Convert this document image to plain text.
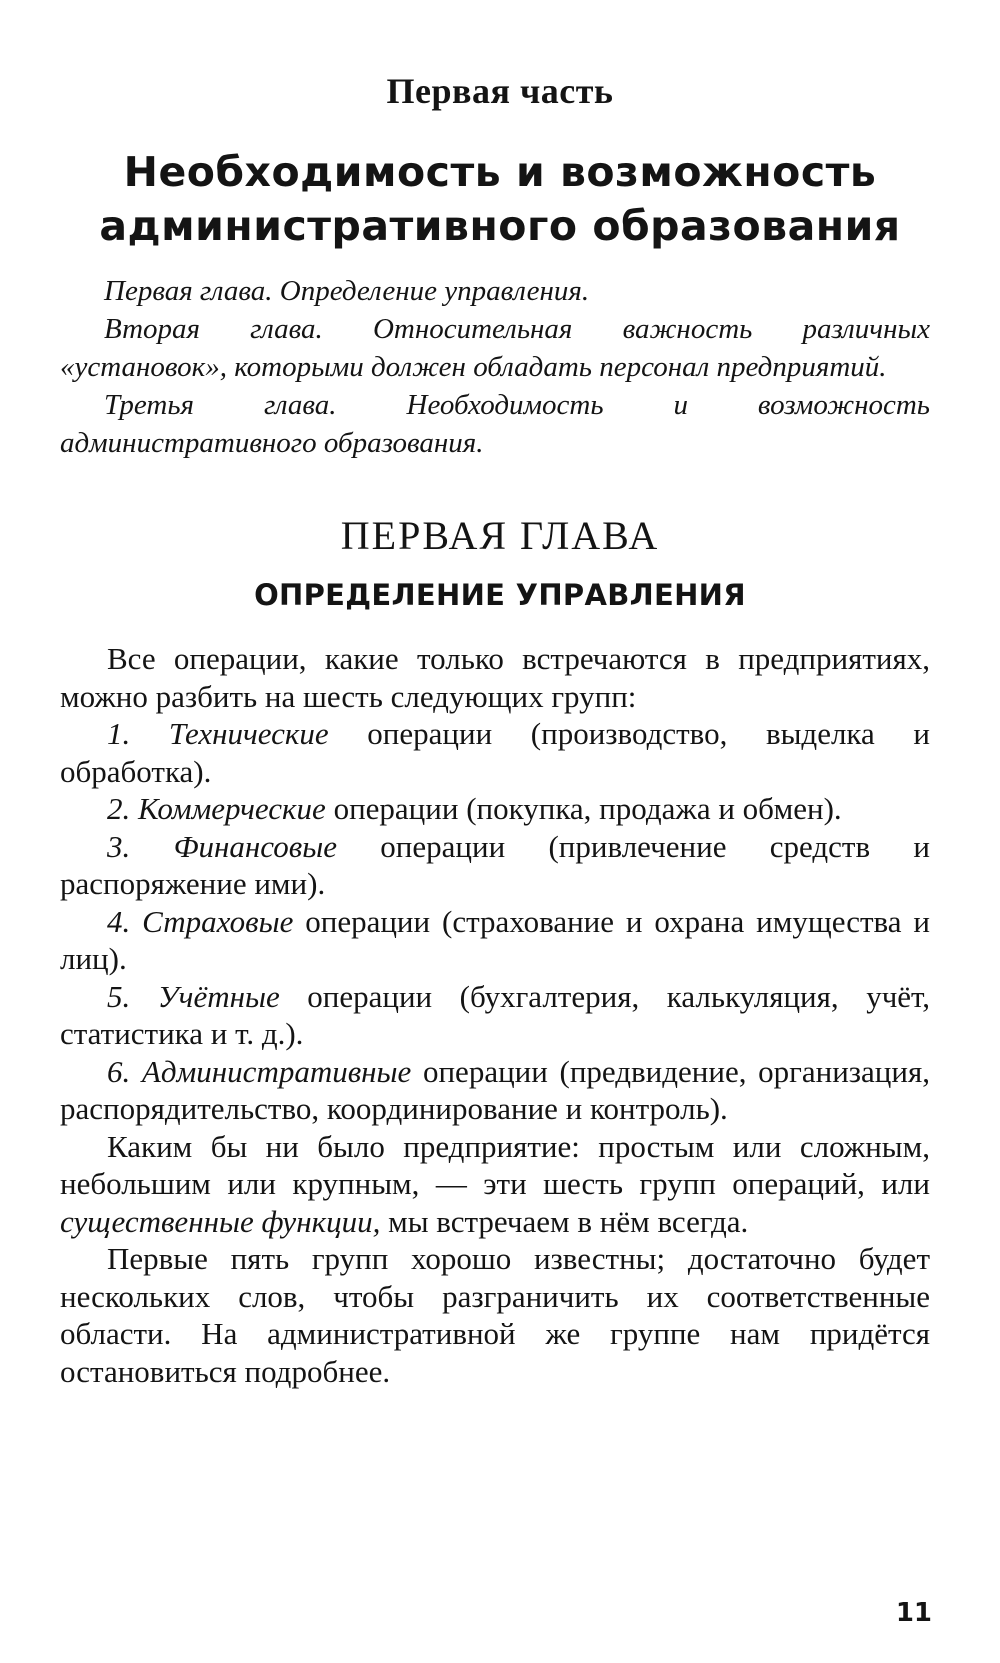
Первая часть
Необходимость и возможность
административного образования

Первая глава. Определение управления.

Вторая глава. Относительная важность различных «установок», которыми должен обладать персонал предприятий.

Третья глава. Необходимость и возможность административного образования.

ПЕРВАЯ ГЛАВА
ОПРЕДЕЛЕНИЕ УПРАВЛЕНИЯ

Все операции, какие только встречаются в предприятиях, можно разбить на шесть следующих групп:

1. Технические операции (производство, выделка и обработка).

2. Коммерческие операции (покупка, продажа и обмен).

3. Финансовые операции (привлечение средств и распоряжение ими).

4. Страховые операции (страхование и охрана имущества и лиц).

5. Учётные операции (бухгалтерия, калькуляция, учёт, статистика и т. д.).

6. Административные операции (предвидение, организация, распорядительство, координирование и контроль).

Каким бы ни было предприятие: простым или сложным, небольшим или крупным, — эти шесть групп операций, или существенные функции, мы встречаем в нём всегда.

Первые пять групп хорошо известны; достаточно будет нескольких слов, чтобы разграничить их соответственные области. На административной же группе нам придётся остановиться подробнее.

11
